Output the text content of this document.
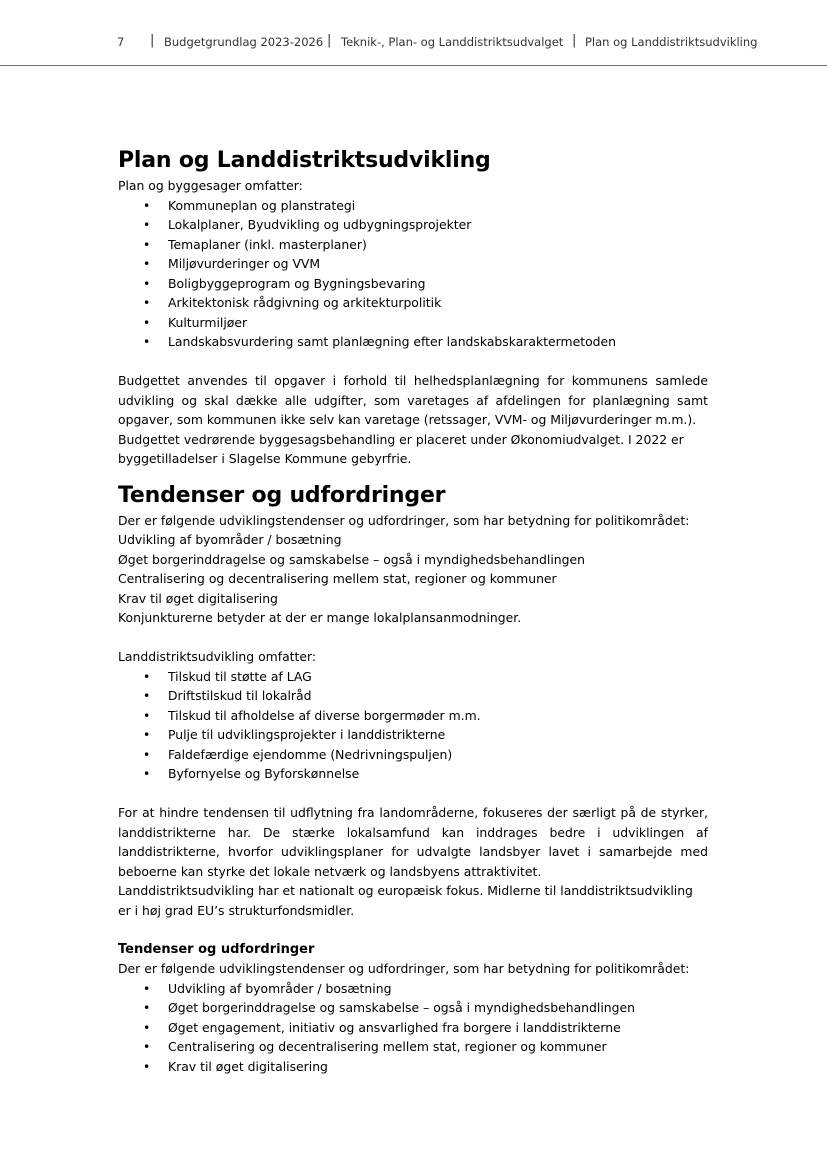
7 | Budgetgrundlag 2023-2026 | Teknik-, Plan- og Landdistriktsudvalget | Plan og Landdistriktsudvikling
Plan og Landdistriktsudvikling

Plan og byggesager omfatter:

• Kommuneplan og planstrategi
• Lokalplaner, Byudvikling og udbygningsprojekter
• Temaplaner (inkl. masterplaner)
• Miljøvurderinger og VVM
• Boligbyggeprogram og Bygningsbevaring
• Arkitektonisk rådgivning og arkitekturpolitik
• Kulturmiljøer
• Landskabsvurdering samt planlægning efter landskabskaraktermetoden

Budgettet anvendes til opgaver i forhold til helhedsplanlægning for kommunens samlede udvikling og skal dække alle udgifter, som varetages af afdelingen for planlægning samt opgaver, som kommunen ikke selv kan varetage (retssager, VVM- og Miljøvurderinger m.m.).

Budgettet vedrørende byggesagsbehandling er placeret under Økonomiudvalget. I 2022 er byggetilladelser i Slagelse Kommune gebyrfrie.

Tendenser og udfordringer

Der er følgende udviklingstendenser og udfordringer, som har betydning for politikområdet:

Udvikling af byområder / bosætning
Øget borgerinddragelse og samskabelse – også i myndighedsbehandlingen
Centralisering og decentralisering mellem stat, regioner og kommuner
Krav til øget digitalisering
Konjunkturerne betyder at der er mange lokalplansanmodninger.

Landdistriktsudvikling omfatter:

• Tilskud til støtte af LAG
• Driftstilskud til lokalråd
• Tilskud til afholdelse af diverse borgermøder m.m.
• Pulje til udviklingsprojekter i landdistrikterne
• Faldefærdige ejendomme (Nedrivningspuljen)
• Byfornyelse og Byforskønnelse

For at hindre tendensen til udflytning fra landområderne, fokuseres der særligt på de styrker, landdistrikterne har. De stærke lokalsamfund kan inddrages bedre i udviklingen af landdistrikterne, hvorfor udviklingsplaner for udvalgte landsbyer lavet i samarbejde med beboerne kan styrke det lokale netværk og landsbyens attraktivitet.

Landdistriktsudvikling har et nationalt og europæisk fokus. Midlerne til landdistriktsudvikling er i høj grad EU’s strukturfondsmidler.

Tendenser og udfordringer

Der er følgende udviklingstendenser og udfordringer, som har betydning for politikområdet:

• Udvikling af byområder / bosætning
• Øget borgerinddragelse og samskabelse – også i myndighedsbehandlingen
• Øget engagement, initiativ og ansvarlighed fra borgere i landdistrikterne
• Centralisering og decentralisering mellem stat, regioner og kommuner
• Krav til øget digitalisering
